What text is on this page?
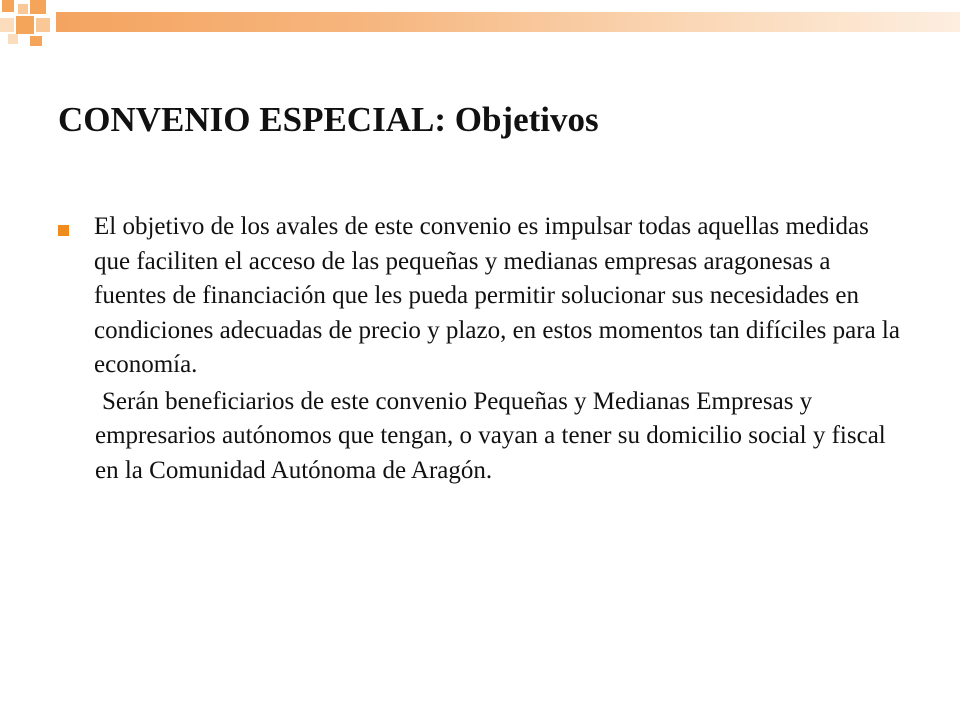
CONVENIO ESPECIAL: Objetivos

El objetivo de los avales de este convenio es impulsar todas aquellas medidas que faciliten el acceso de las pequeñas y medianas empresas aragonesas a fuentes de financiación que les pueda permitir solucionar sus necesidades en condiciones adecuadas de precio y plazo, en estos momentos tan difíciles para la economía.

Serán beneficiarios de este convenio Pequeñas y Medianas Empresas y empresarios autónomos que tengan, o vayan a tener su domicilio social y fiscal en la Comunidad Autónoma de Aragón.
